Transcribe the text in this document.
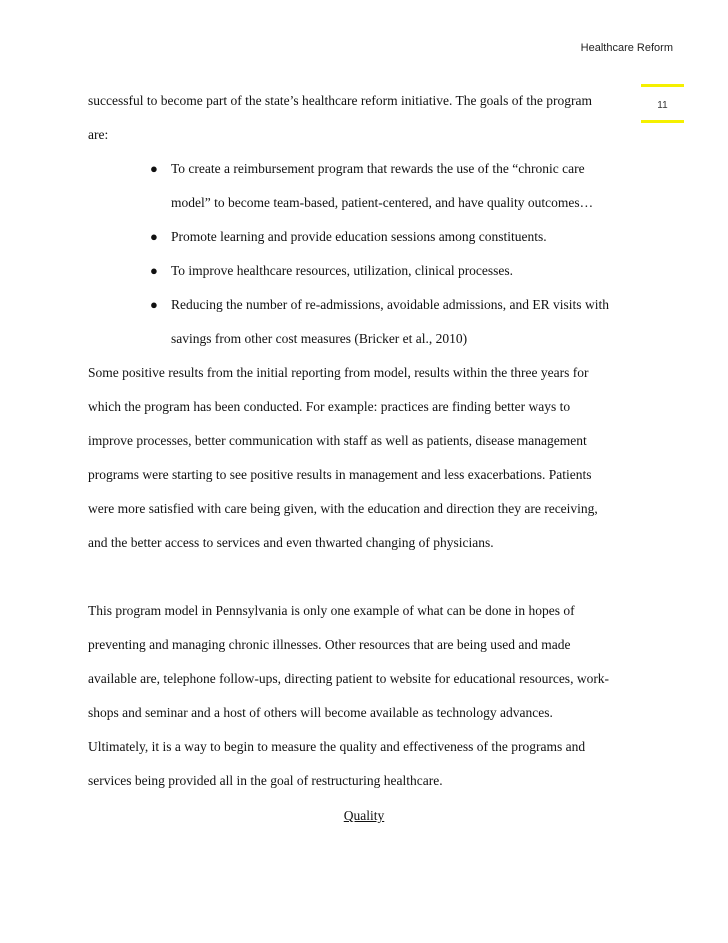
Healthcare Reform
11
successful to become part of the state’s healthcare reform initiative. The goals of the program
are:
● To create a reimbursement program that rewards the use of the “chronic care
model” to become team-based, patient-centered, and have quality outcomes…
● Promote learning and provide education sessions among constituents.
● To improve healthcare resources, utilization, clinical processes.
● Reducing the number of re-admissions, avoidable admissions, and ER visits with
savings from other cost measures (Bricker et al., 2010)
Some positive results from the initial reporting from model, results within the three years for
which the program has been conducted. For example: practices are finding better ways to
improve processes, better communication with staff as well as patients, disease management
programs were starting to see positive results in management and less exacerbations. Patients
were more satisfied with care being given, with the education and direction they are receiving,
and the better access to services and even thwarted changing of physicians.
This program model in Pennsylvania is only one example of what can be done in hopes of
preventing and managing chronic illnesses. Other resources that are being used and made
available are, telephone follow-ups, directing patient to website for educational resources, work-
shops and seminar and a host of others will become available as technology advances.
Ultimately, it is a way to begin to measure the quality and effectiveness of the programs and
services being provided all in the goal of restructuring healthcare.
Quality
